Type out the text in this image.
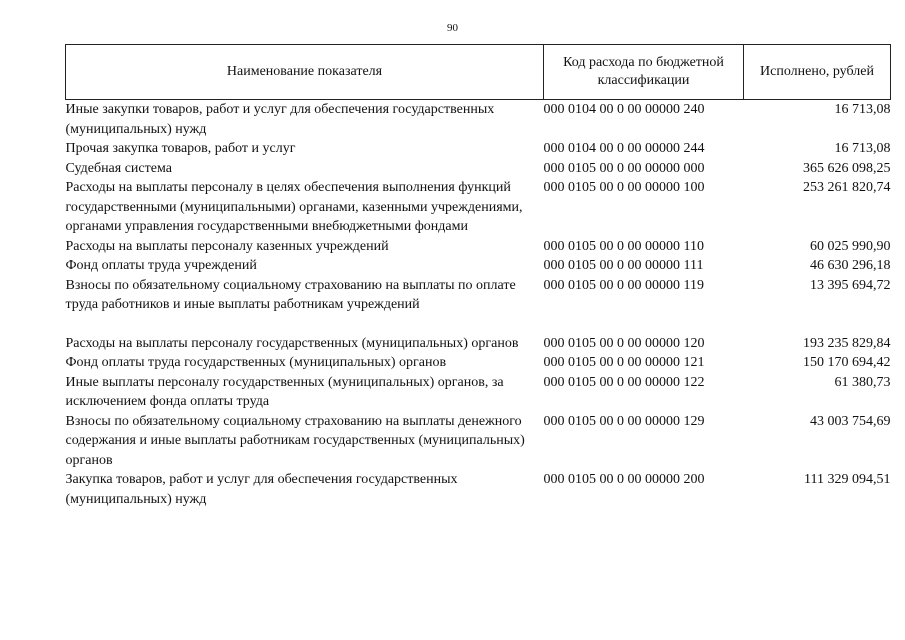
90
Наименование показателя	Код расхода по бюджетной классификации	Исполнено, рублей
Иные закупки товаров, работ и услуг для обеспечения государственных (муниципальных) нужд	000 0104 00 0 00 00000 240	16 713,08
Прочая закупка товаров, работ и услуг	000 0104 00 0 00 00000 244	16 713,08
Судебная система	000 0105 00 0 00 00000 000	365 626 098,25
Расходы на выплаты персоналу в целях обеспечения выполнения функций государственными (муниципальными) органами, казенными учреждениями, органами управления государственными внебюджетными фондами	000 0105 00 0 00 00000 100	253 261 820,74
Расходы на выплаты персоналу казенных учреждений	000 0105 00 0 00 00000 110	60 025 990,90
Фонд оплаты труда учреждений	000 0105 00 0 00 00000 111	46 630 296,18
Взносы по обязательному социальному страхованию на выплаты по оплате труда работников и иные выплаты работникам учреждений	000 0105 00 0 00 00000 119	13 395 694,72
Расходы на выплаты персоналу государственных (муниципальных) органов	000 0105 00 0 00 00000 120	193 235 829,84
Фонд оплаты труда государственных (муниципальных) органов	000 0105 00 0 00 00000 121	150 170 694,42
Иные выплаты персоналу государственных (муниципальных) органов, за исключением фонда оплаты труда	000 0105 00 0 00 00000 122	61 380,73
Взносы по обязательному социальному страхованию на выплаты денежного содержания и иные выплаты работникам государственных (муниципальных) органов	000 0105 00 0 00 00000 129	43 003 754,69
Закупка товаров, работ и услуг для обеспечения государственных (муниципальных) нужд	000 0105 00 0 00 00000 200	111 329 094,51
